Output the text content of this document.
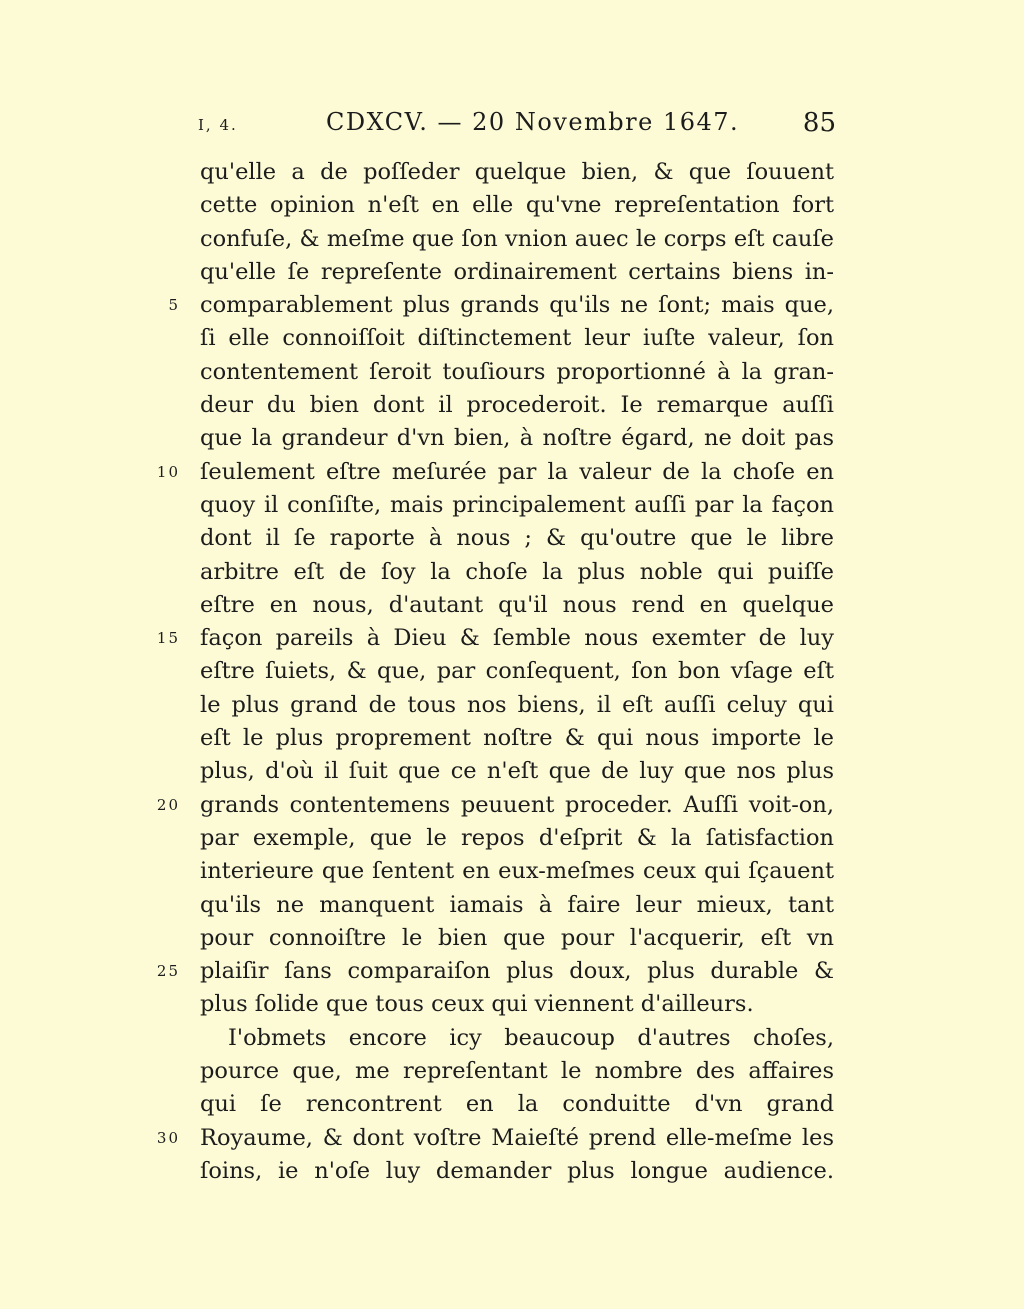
I, 4.	CDXCV. — 20 Novembre 1647. 85
qu'elle a de poſſeder quelque bien, & que ſouuent
cette opinion n'eſt en elle qu'vne repreſentation fort
confuſe, & meſme que ſon vnion auec le corps eſt cauſe
qu'elle ſe repreſente ordinairement certains biens in-
5 comparablement plus grands qu'ils ne ſont; mais que,
ſi elle connoiſſoit diſtinctement leur iuſte valeur, ſon
contentement ſeroit touſiours proportionné à la gran-
deur du bien dont il procederoit. Ie remarque auſſi
que la grandeur d'vn bien, à noſtre égard, ne doit pas
10 ſeulement eſtre meſurée par la valeur de la choſe en
quoy il conſiſte, mais principalement auſſi par la façon
dont il ſe raporte à nous ; & qu'outre que le libre
arbitre eſt de ſoy la choſe la plus noble qui puiſſe
eſtre en nous, d'autant qu'il nous rend en quelque
15 façon pareils à Dieu & ſemble nous exemter de luy
eſtre ſuiets, & que, par conſequent, ſon bon vſage eſt
le plus grand de tous nos biens, il eſt auſſi celuy qui
eſt le plus proprement noſtre & qui nous importe le
plus, d'où il ſuit que ce n'eſt que de luy que nos plus
20 grands contentemens peuuent proceder. Auſſi voit-on,
par exemple, que le repos d'eſprit & la ſatisfaction
interieure que ſentent en eux-meſmes ceux qui ſçauent
qu'ils ne manquent iamais à faire leur mieux, tant
pour connoiſtre le bien que pour l'acquerir, eſt vn
25 plaiſir ſans comparaiſon plus doux, plus durable &
plus ſolide que tous ceux qui viennent d'ailleurs.
I'obmets encore icy beaucoup d'autres choſes,
pource que, me repreſentant le nombre des affaires
qui ſe rencontrent en la conduitte d'vn grand
30 Royaume, & dont voſtre Maieſté prend elle-meſme les
ſoins, ie n'oſe luy demander plus longue audience.
